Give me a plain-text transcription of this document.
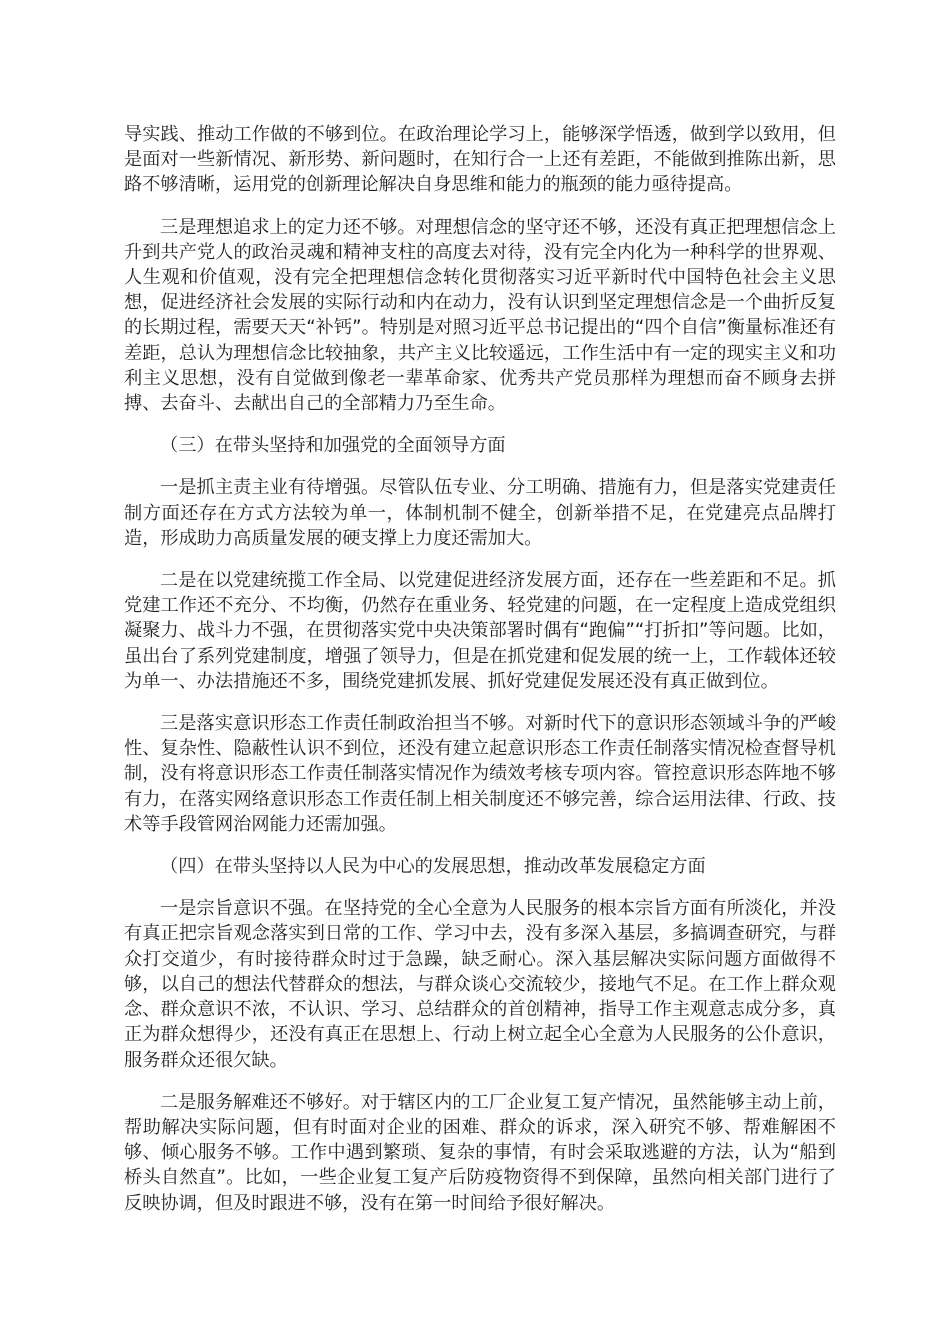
导实践、推动工作做的不够到位。在政治理论学习上，能够深学悟透，做到学以致用，但是面对一些新情况、新形势、新问题时，在知行合一上还有差距，不能做到推陈出新，思路不够清晰，运用党的创新理论解决自身思维和能力的瓶颈的能力亟待提高。

三是理想追求上的定力还不够。对理想信念的坚守还不够，还没有真正把理想信念上升到共产党人的政治灵魂和精神支柱的高度去对待，没有完全内化为一种科学的世界观、人生观和价值观，没有完全把理想信念转化贯彻落实习近平新时代中国特色社会主义思想，促进经济社会发展的实际行动和内在动力，没有认识到坚定理想信念是一个曲折反复的长期过程，需要天天“补钙”。特别是对照习近平总书记提出的“四个自信”衡量标准还有差距，总认为理想信念比较抽象，共产主义比较遥远，工作生活中有一定的现实主义和功利主义思想，没有自觉做到像老一辈革命家、优秀共产党员那样为理想而奋不顾身去拼搏、去奋斗、去献出自己的全部精力乃至生命。

（三）在带头坚持和加强党的全面领导方面

一是抓主责主业有待增强。尽管队伍专业、分工明确、措施有力，但是落实党建责任制方面还存在方式方法较为单一，体制机制不健全，创新举措不足，在党建亮点品牌打造，形成助力高质量发展的硬支撑上力度还需加大。

二是在以党建统揽工作全局、以党建促进经济发展方面，还存在一些差距和不足。抓党建工作还不充分、不均衡，仍然存在重业务、轻党建的问题，在一定程度上造成党组织凝聚力、战斗力不强，在贯彻落实党中央决策部署时偶有“跑偏”“打折扣”等问题。比如，虽出台了系列党建制度，增强了领导力，但是在抓党建和促发展的统一上，工作载体还较为单一、办法措施还不多，围绕党建抓发展、抓好党建促发展还没有真正做到位。

三是落实意识形态工作责任制政治担当不够。对新时代下的意识形态领域斗争的严峻性、复杂性、隐蔽性认识不到位，还没有建立起意识形态工作责任制落实情况检查督导机制，没有将意识形态工作责任制落实情况作为绩效考核专项内容。管控意识形态阵地不够有力，在落实网络意识形态工作责任制上相关制度还不够完善，综合运用法律、行政、技术等手段管网治网能力还需加强。

（四）在带头坚持以人民为中心的发展思想，推动改革发展稳定方面

一是宗旨意识不强。在坚持党的全心全意为人民服务的根本宗旨方面有所淡化，并没有真正把宗旨观念落实到日常的工作、学习中去，没有多深入基层，多搞调查研究，与群众打交道少，有时接待群众时过于急躁，缺乏耐心。深入基层解决实际问题方面做得不够，以自己的想法代替群众的想法，与群众谈心交流较少，接地气不足。在工作上群众观念、群众意识不浓，不认识、学习、总结群众的首创精神，指导工作主观意志成分多，真正为群众想得少，还没有真正在思想上、行动上树立起全心全意为人民服务的公仆意识，服务群众还很欠缺。

二是服务解难还不够好。对于辖区内的工厂企业复工复产情况，虽然能够主动上前，帮助解决实际问题，但有时面对企业的困难、群众的诉求，深入研究不够、帮难解困不够、倾心服务不够。工作中遇到繁琐、复杂的事情，有时会采取逃避的方法，认为“船到桥头自然直”。比如，一些企业复工复产后防疫物资得不到保障，虽然向相关部门进行了反映协调，但及时跟进不够，没有在第一时间给予很好解决。
